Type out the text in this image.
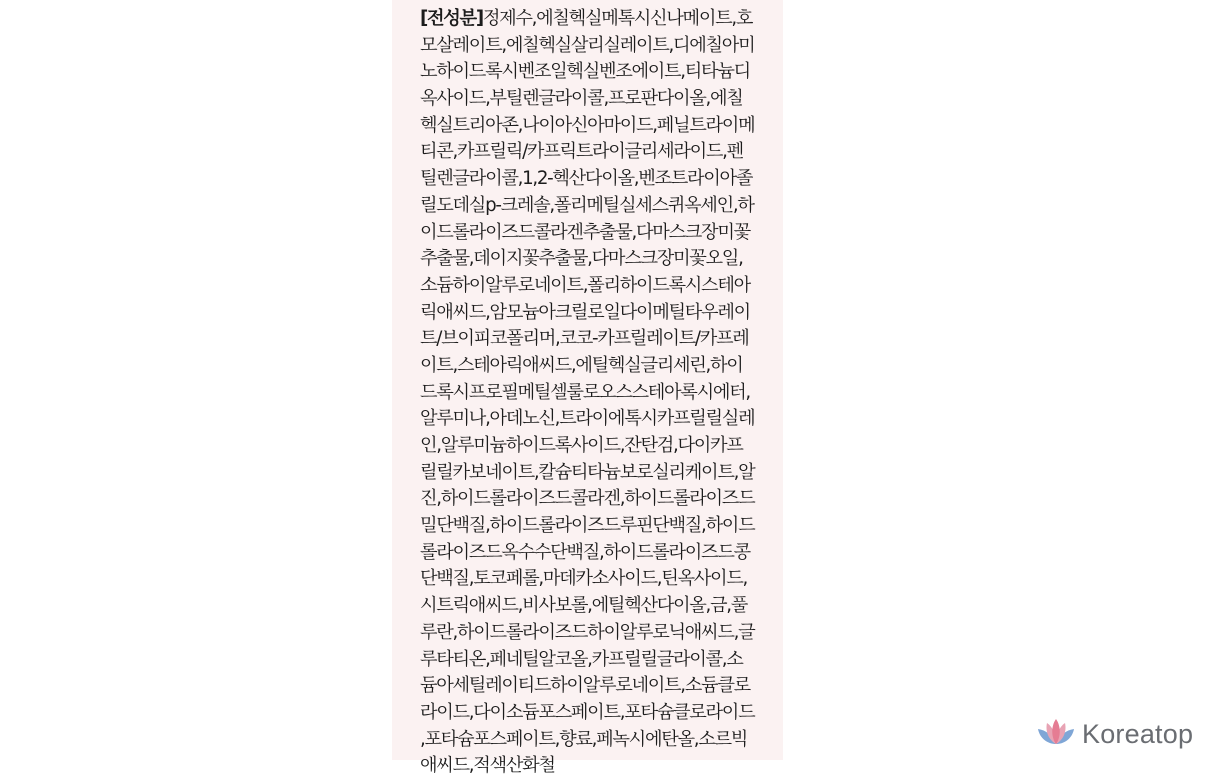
[전성분]정제수,에칠헥실메톡시신나메이트,호
모살레이트,에칠헥실살리실레이트,디에칠아미
노하이드록시벤조일헥실벤조에이트,티타늄디
옥사이드,부틸렌글라이콜,프로판다이올,에칠
헥실트리아존,나이아신아마이드,페닐트라이메
티콘,카프릴릭/카프릭트라이글리세라이드,펜
틸렌글라이콜,1,2-헥산다이올,벤조트라이아졸
릴도데실p-크레솔,폴리메틸실세스퀴옥세인,하
이드롤라이즈드콜라겐추출물,다마스크장미꽃
추출물,데이지꽃추출물,다마스크장미꽃오일,
소듐하이알루로네이트,폴리하이드록시스테아
릭애씨드,암모늄아크릴로일다이메틸타우레이
트/브이피코폴리머,코코-카프릴레이트/카프레
이트,스테아릭애씨드,에틸헥실글리세린,하이
드록시프로필메틸셀룰로오스스테아록시에터,
알루미나,아데노신,트라이에톡시카프릴릴실레
인,알루미늄하이드록사이드,잔탄검,다이카프
릴릴카보네이트,칼슘티타늄보로실리케이트,알
진,하이드롤라이즈드콜라겐,하이드롤라이즈드
밀단백질,하이드롤라이즈드루핀단백질,하이드
롤라이즈드옥수수단백질,하이드롤라이즈드콩
단백질,토코페롤,마데카소사이드,틴옥사이드,
시트릭애씨드,비사보롤,에틸헥산다이올,금,풀
루란,하이드롤라이즈드하이알루로닉애씨드,글
루타티온,페네틸알코올,카프릴릴글라이콜,소
듐아세틸레이티드하이알루로네이트,소듐클로
라이드,다이소듐포스페이트,포타슘클로라이드
,포타슘포스페이트,향료,페녹시에탄올,소르빅
애씨드,적색산화철
Koreatop
